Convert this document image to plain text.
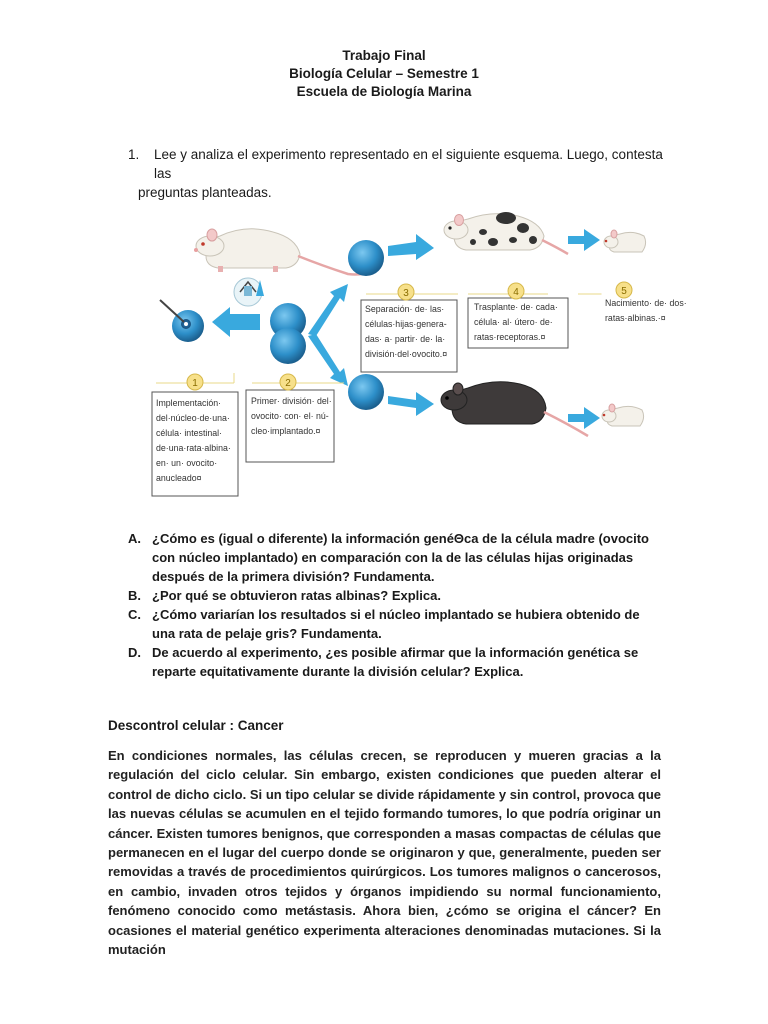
Trabajo Final
Biología Celular – Semestre 1
Escuela de Biología Marina
1. Lee y analiza el experimento representado en el siguiente esquema. Luego, contesta las
preguntas planteadas.
Implementación· del·núcleo·de·una· célula· intestinal· de·una·rata·albina· en· un· ovocito· anucleado¤
Primer· división· del· ovocito· con· el· nú-cleo·implantado.¤
Separación· de· las· células·hijas·genera-das· a· partir· de· la· división·del·ovocito.¤
Trasplante· de· cada· célula· al· útero· de· ratas·receptoras.¤
Nacimiento· de· dos· ratas·albinas.·¤
1	2
3	4	5
A. ¿Cómo es (igual o diferente) la información genéΘca de la célula madre (ovocito con núcleo implantado) en comparación con la de las células hijas originadas después de la primera división? Fundamenta.
B. ¿Por qué se obtuvieron ratas albinas? Explica.
C. ¿Cómo variarían los resultados si el núcleo implantado se hubiera obtenido de una rata de pelaje gris? Fundamenta.
D. De acuerdo al experimento, ¿es posible afirmar que la información genética se reparte equitativamente durante la división celular? Explica.
Descontrol celular : Cancer
En condiciones normales, las células crecen, se reproducen y mueren gracias a la regulación del ciclo celular. Sin embargo, existen condiciones que pueden alterar el control de dicho ciclo. Si un tipo celular se divide rápidamente y sin control, provoca que las nuevas células se acumulen en el tejido formando tumores, lo que podría originar un cáncer. Existen tumores benignos, que corresponden a masas compactas de células que permanecen en el lugar del cuerpo donde se originaron y que, generalmente, pueden ser removidas a través de procedimientos quirúrgicos. Los tumores malignos o cancerosos, en cambio, invaden otros tejidos y órganos impidiendo su normal funcionamiento, fenómeno conocido como metástasis. Ahora bien, ¿cómo se origina el cáncer? En ocasiones el material genético experimenta alteraciones denominadas mutaciones. Si la mutación
